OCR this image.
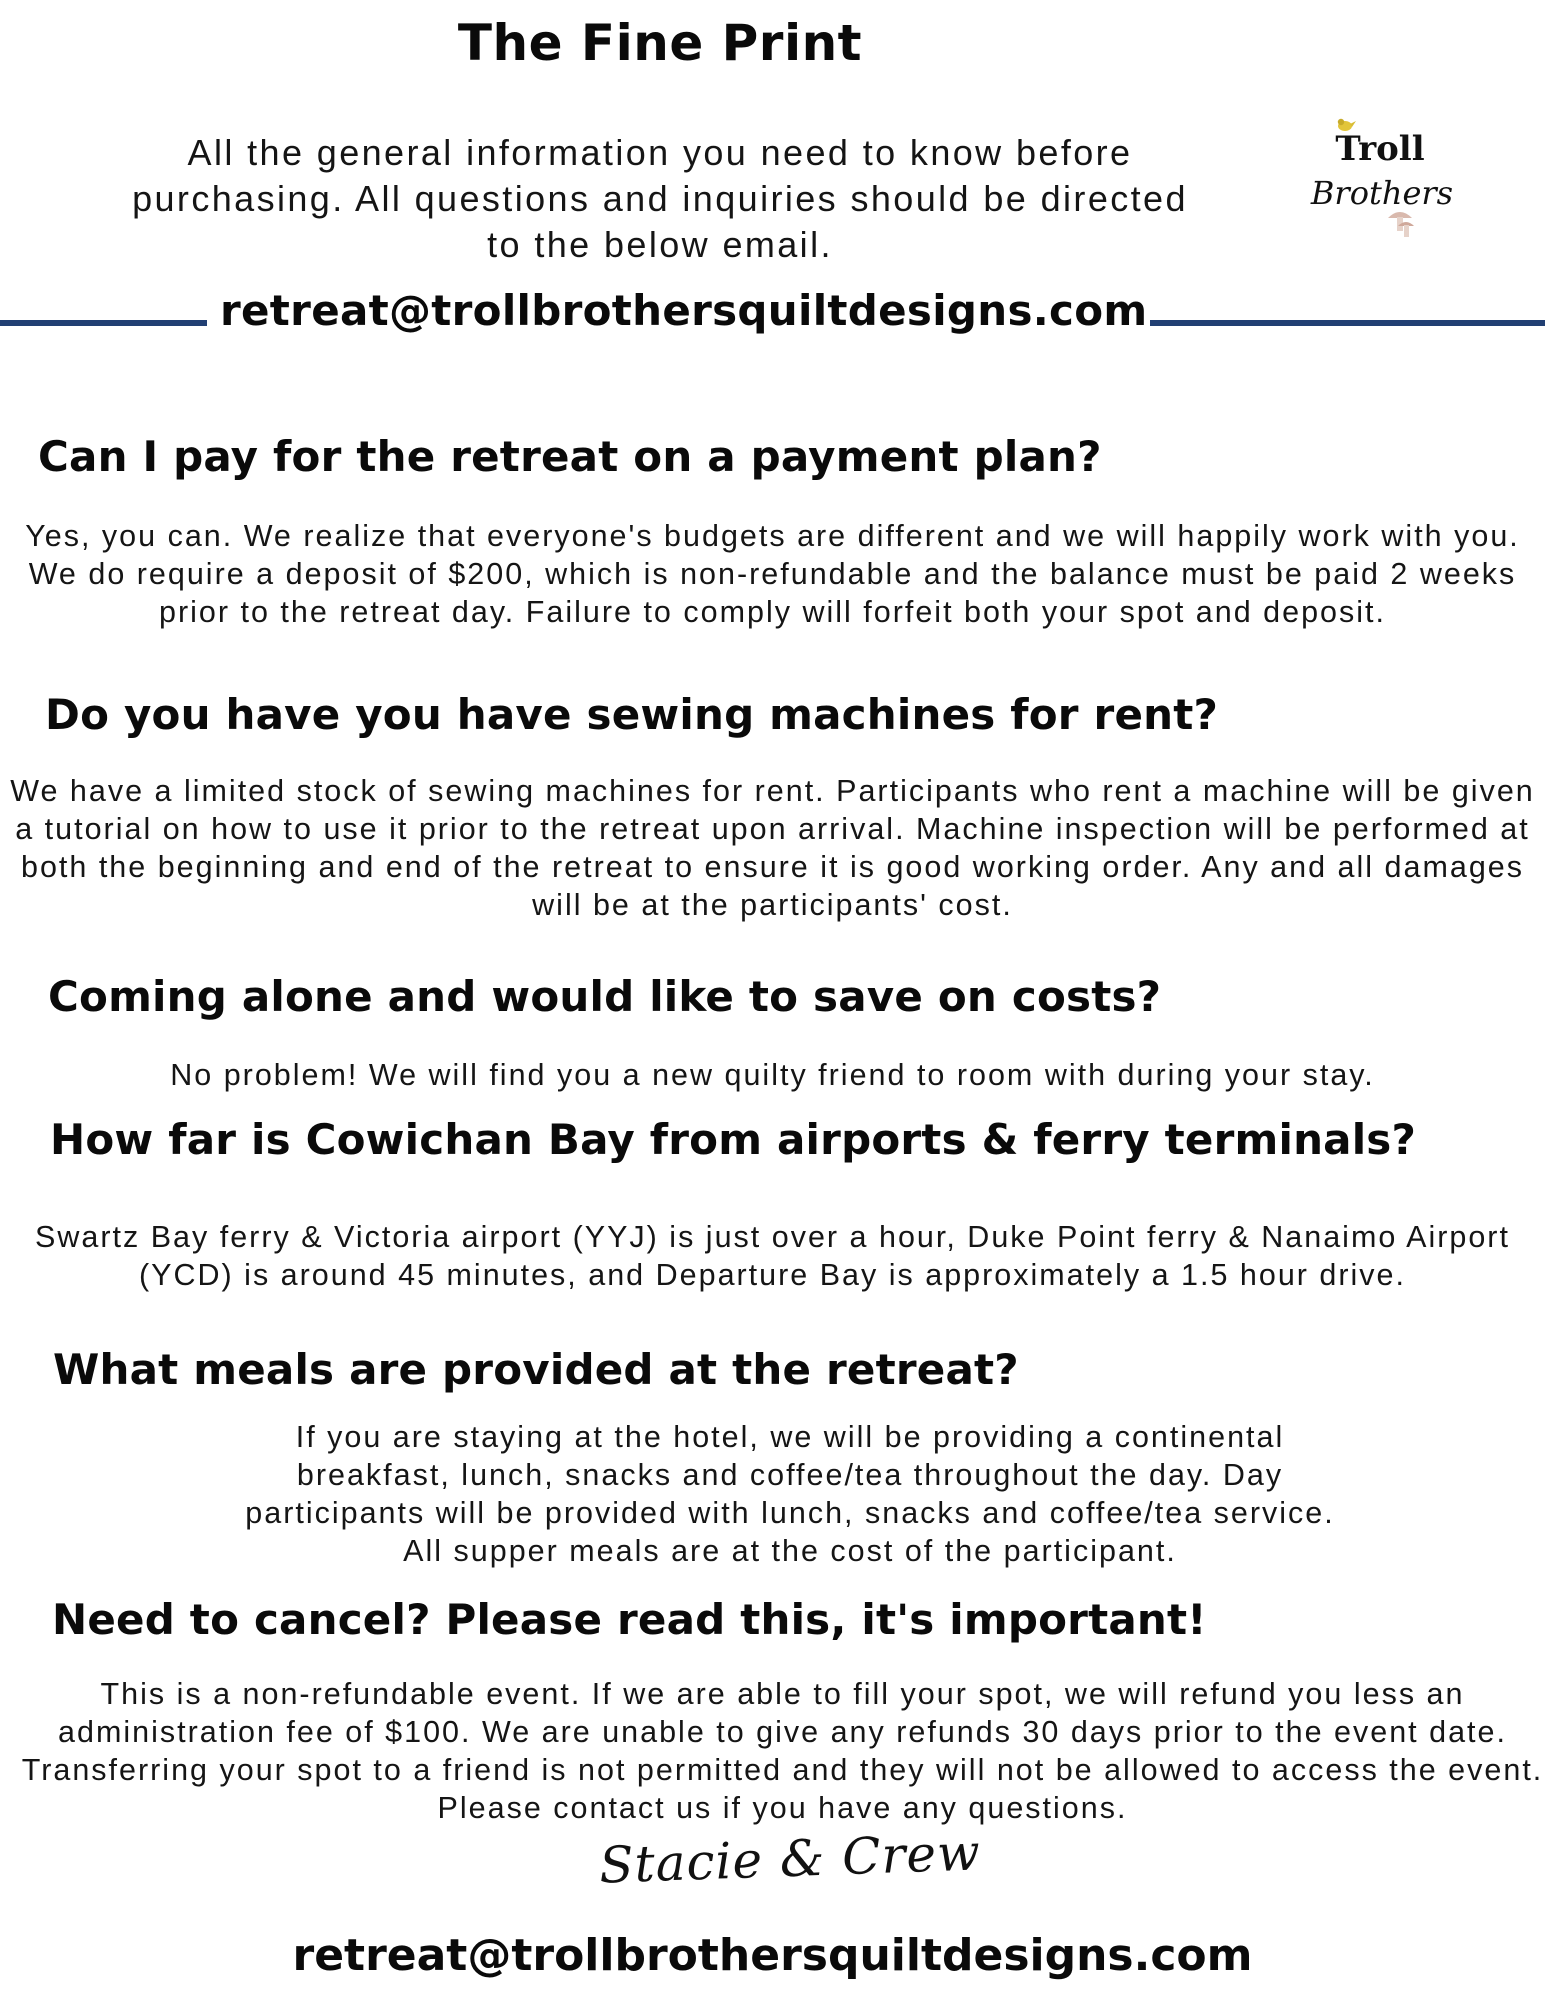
The Fine Print
All the general information you need to know before purchasing. All questions and inquiries should be directed to the below email.
Troll
Brothers
retreat@trollbrothersquiltdesigns.com
Can I pay for the retreat on a payment plan?
Yes, you can. We realize that everyone's budgets are different and we will happily work with you. We do require a deposit of $200, which is non-refundable and the balance must be paid 2 weeks prior to the retreat day. Failure to comply will forfeit both your spot and deposit.
Do you have you have sewing machines for rent?
We have a limited stock of sewing machines for rent. Participants who rent a machine will be given a tutorial on how to use it prior to the retreat upon arrival. Machine inspection will be performed at both the beginning and end of the retreat to ensure it is good working order. Any and all damages will be at the participants' cost.
Coming alone and would like to save on costs?
No problem! We will find you a new quilty friend to room with during your stay.
How far is Cowichan Bay from airports & ferry terminals?
Swartz Bay ferry & Victoria airport (YYJ) is just over a hour, Duke Point ferry & Nanaimo Airport (YCD) is around 45 minutes, and Departure Bay is approximately a 1.5 hour drive.
What meals are provided at the retreat?
If you are staying at the hotel, we will be providing a continental breakfast, lunch, snacks and coffee/tea throughout the day. Day participants will be provided with lunch, snacks and coffee/tea service. All supper meals are at the cost of the participant.
Need to cancel? Please read this, it's important!
This is a non-refundable event. If we are able to fill your spot, we will refund you less an administration fee of $100. We are unable to give any refunds 30 days prior to the event date. Transferring your spot to a friend is not permitted and they will not be allowed to access the event. Please contact us if you have any questions.
Stacie & Crew
retreat@trollbrothersquiltdesigns.com
